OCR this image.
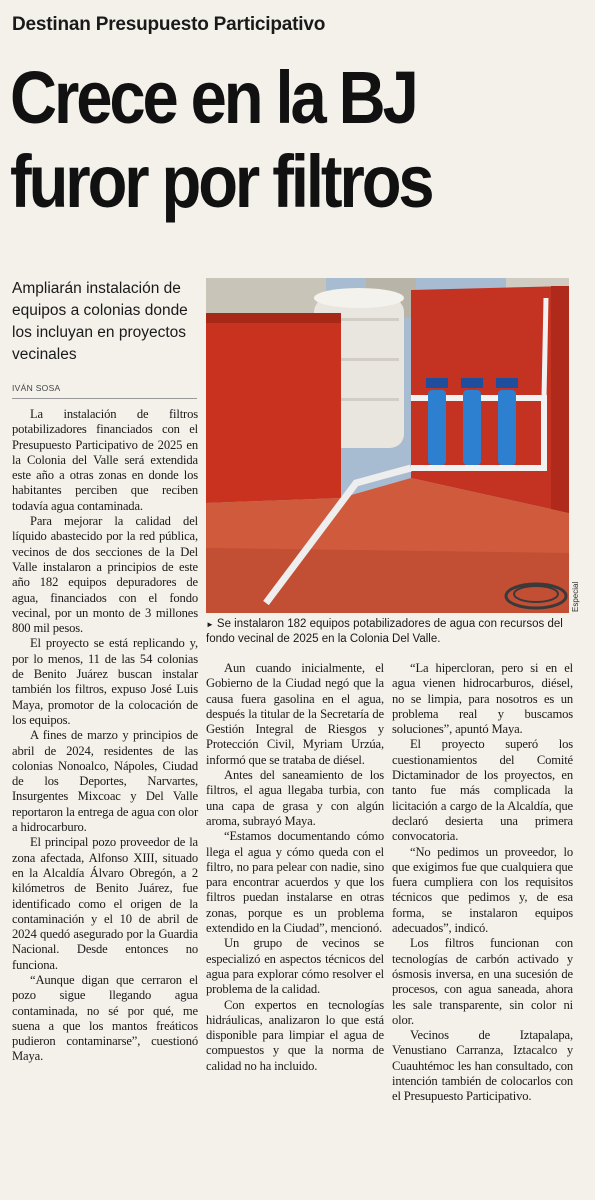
Destinan Presupuesto Participativo
Crece en la BJ
furor por filtros
Ampliarán instalación de equipos a colonias donde los incluyan en proyectos vecinales
IVÁN SOSA
Especial
► Se instalaron 182 equipos potabilizadores de agua con recursos del fondo vecinal de 2025 en la Colonia Del Valle.

La instalación de filtros potabilizadores financiados con el Presupuesto Participativo de 2025 en la Colonia del Valle será extendida este año a otras zonas en donde los habitantes perciben que reciben todavía agua contaminada.

Para mejorar la calidad del líquido abastecido por la red pública, vecinos de dos secciones de la Del Valle instalaron a principios de este año 182 equipos depuradores de agua, financiados con el fondo vecinal, por un monto de 3 millones 800 mil pesos.

El proyecto se está replicando y, por lo menos, 11 de las 54 colonias de Benito Juárez buscan instalar también los filtros, expuso José Luis Maya, promotor de la colocación de los equipos.

A fines de marzo y principios de abril de 2024, residentes de las colonias Nonoalco, Nápoles, Ciudad de los Deportes, Narvartes, Insurgentes Mixcoac y Del Valle reportaron la entrega de agua con olor a hidrocarburo.

El principal pozo proveedor de la zona afectada, Alfonso XIII, situado en la Alcaldía Álvaro Obregón, a 2 kilómetros de Benito Juárez, fue identificado como el origen de la contaminación y el 10 de abril de 2024 quedó asegurado por la Guardia Nacional. Desde entonces no funciona.

“Aunque digan que cerraron el pozo sigue llegando agua contaminada, no sé por qué, me suena a que los mantos freáticos pudieron contaminarse”, cuestionó Maya.

Aun cuando inicialmente, el Gobierno de la Ciudad negó que la causa fuera gasolina en el agua, después la titular de la Secretaría de Gestión Integral de Riesgos y Protección Civil, Myriam Urzúa, informó que se trataba de diésel.

Antes del saneamiento de los filtros, el agua llegaba turbia, con una capa de grasa y con algún aroma, subrayó Maya.

“Estamos documentando cómo llega el agua y cómo queda con el filtro, no para pelear con nadie, sino para encontrar acuerdos y que los filtros puedan instalarse en otras zonas, porque es un problema extendido en la Ciudad”, mencionó.

Un grupo de vecinos se especializó en aspectos técnicos del agua para explorar cómo resolver el problema de la calidad.

Con expertos en tecnologías hidráulicas, analizaron lo que está disponible para limpiar el agua de compuestos y que la norma de calidad no ha incluido.

“La hipercloran, pero si en el agua vienen hidrocarburos, diésel, no se limpia, para nosotros es un problema real y buscamos soluciones”, apuntó Maya.

El proyecto superó los cuestionamientos del Comité Dictaminador de los proyectos, en tanto fue más complicada la licitación a cargo de la Alcaldía, que declaró desierta una primera convocatoria.

“No pedimos un proveedor, lo que exigimos fue que cualquiera que fuera cumpliera con los requisitos técnicos que pedimos y, de esa forma, se instalaron equipos adecuados”, indicó.

Los filtros funcionan con tecnologías de carbón activado y ósmosis inversa, en una sucesión de procesos, con agua saneada, ahora les sale transparente, sin color ni olor.

Vecinos de Iztapalapa, Venustiano Carranza, Iztacalco y Cuauhtémoc les han consultado, con intención también de colocarlos con el Presupuesto Participativo.
